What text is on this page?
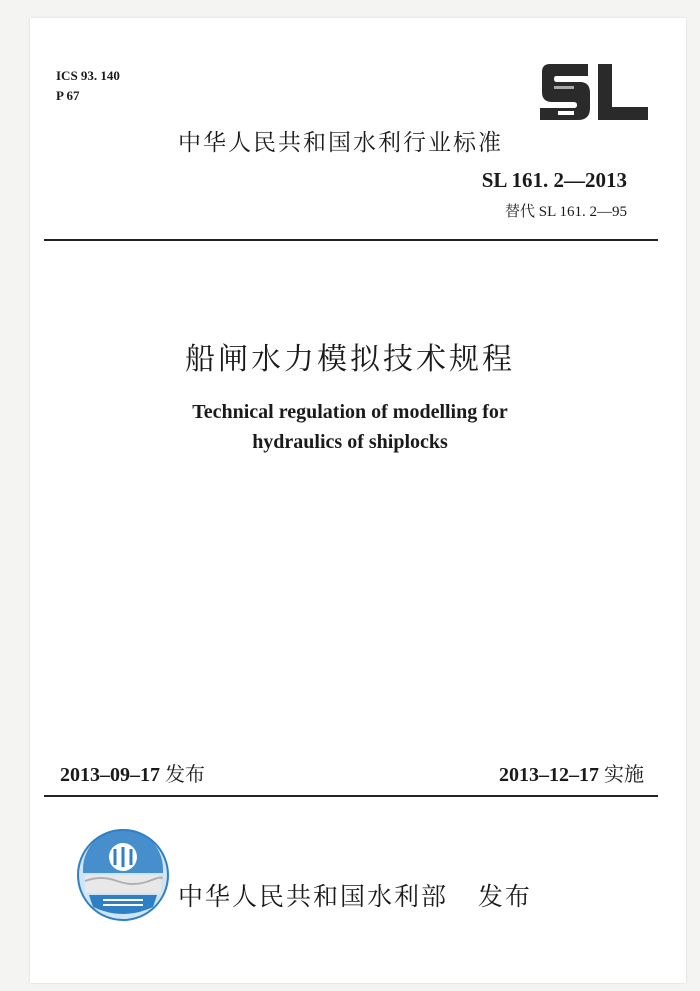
ICS 93. 140
P 67
中华人民共和国水利行业标准
SL 161. 2—2013
替代 SL 161. 2—95
船闸水力模拟技术规程
Technical regulation of modelling for
hydraulics of shiplocks
2013–09–17 发布	2013–12–17 实施
中华人民共和国水利部   发布
